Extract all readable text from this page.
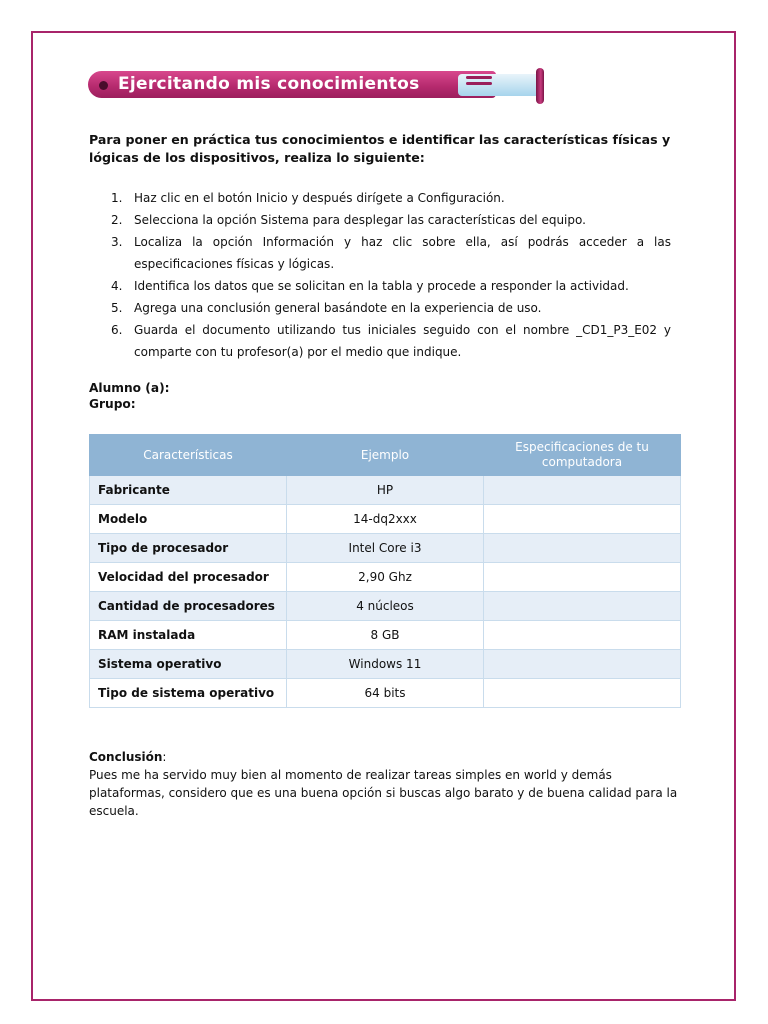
Ejercitando mis conocimientos
Para poner en práctica tus conocimientos e identificar las características físicas y lógicas de los dispositivos, realiza lo siguiente:
1. Haz clic en el botón Inicio y después dirígete a Configuración.
2. Selecciona la opción Sistema para desplegar las características del equipo.
3. Localiza la opción Información y haz clic sobre ella, así podrás acceder a las especificaciones físicas y lógicas.
4. Identifica los datos que se solicitan en la tabla y procede a responder la actividad.
5. Agrega una conclusión general basándote en la experiencia de uso.
6. Guarda el documento utilizando tus iniciales seguido con el nombre _CD1_P3_E02 y comparte con tu profesor(a) por el medio que indique.
Alumno (a):
Grupo:
Características	Ejemplo	Especificaciones de tu computadora
Fabricante	HP	
Modelo	14-dq2xxx	
Tipo de procesador	Intel Core i3	
Velocidad del procesador	2,90 Ghz	
Cantidad de procesadores	4 núcleos	
RAM instalada	8 GB	
Sistema operativo	Windows 11	
Tipo de sistema operativo	64 bits	
Conclusión:
Pues me ha servido muy bien al momento de realizar tareas simples en world y demás plataformas, considero que es una buena opción si buscas algo barato y de buena calidad para la escuela.
